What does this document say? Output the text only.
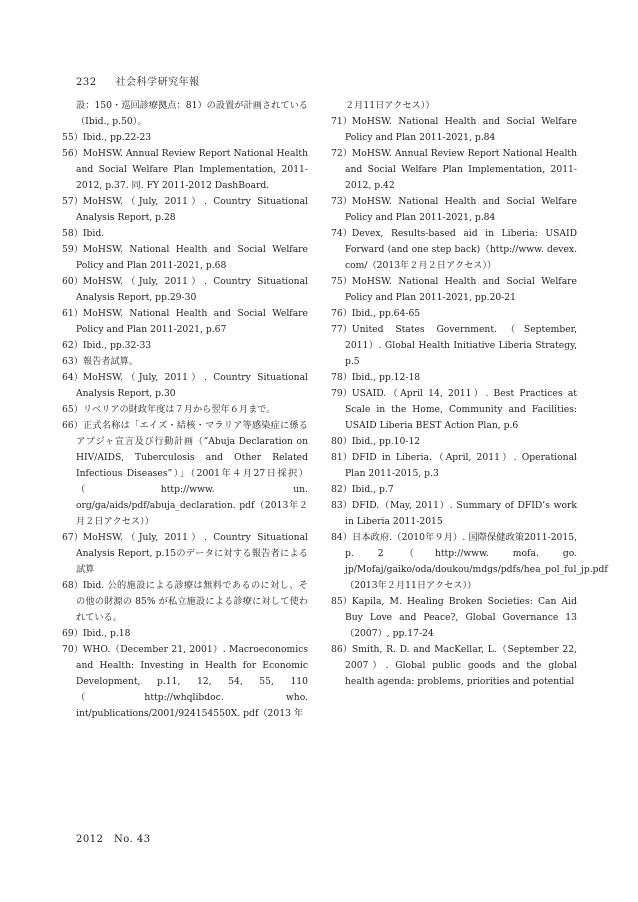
232 社会科学研究年報

設：150・巡回診療拠点：81）の設置が計画されている（Ibid., p.50）。

55）Ibid., pp.22-23

56）MoHSW. Annual Review Report National Health and Social Welfare Plan Implementation, 2011-2012, p.37. 同. FY 2011-2012 DashBoard.

57）MoHSW.（July, 2011）. Country Situational Analysis Report, p.28

58）Ibid.

59）MoHSW. National Health and Social Welfare Policy and Plan 2011-2021, p.68

60）MoHSW.（July, 2011）. Country Situational Analysis Report, pp.29-30

61）MoHSW. National Health and Social Welfare Policy and Plan 2011-2021, p.67

62）Ibid., pp.32-33

63）報告者試算。

64）MoHSW.（July, 2011）. Country Situational Analysis Report, p.30

65）リベリアの財政年度は７月から翌年６月まで。

66）正式名称は「エイズ・結核・マラリア等感染症に係るアブジャ宣言及び行動計画（”Abuja Declaration on HIV/AIDS, Tuberculosis and Other Related Infectious Diseases”）」（2001年４月27日採択）（http://www. un. org/ga/aids/pdf/abuja_declaration. pdf（2013年２月２日アクセス））

67）MoHSW.（July, 2011）. Country Situational Analysis Report, p.15のデータに対する報告者による試算

68）Ibid. 公的施設による診療は無料であるのに対し、その他の財源の 85% が私立施設による診療に対して使われている。

69）Ibid., p.18

70）WHO.（December 21, 2001）. Macroeconomics and Health: Investing in Health for Economic Development, p.11, 12, 54, 55, 110（http://whqlibdoc. who. int/publications/2001/924154550X. pdf（2013 年

２月11日アクセス））

71）MoHSW. National Health and Social Welfare Policy and Plan 2011-2021, p.84

72）MoHSW. Annual Review Report National Health and Social Welfare Plan Implementation, 2011-2012, p.42

73）MoHSW. National Health and Social Welfare Policy and Plan 2011-2021, p.84

74）Devex, Results-based aid in Liberia: USAID Forward (and one step back)（http://www. devex. com/（2013年２月２日アクセス））

75）MoHSW. National Health and Social Welfare Policy and Plan 2011-2021, pp.20-21

76）Ibid., pp.64-65

77）United States Government.（September, 2011）. Global Health Initiative Liberia Strategy, p.5

78）Ibid., pp.12-18

79）USAID.（April 14, 2011）. Best Practices at Scale in the Home, Community and Facilities: USAID Liberia BEST Action Plan, p.6

80）Ibid., pp.10-12

81）DFID in Liberia.（April, 2011）. Operational Plan 2011-2015, p.3

82）Ibid., p.7

83）DFID.（May, 2011）. Summary of DFID’s work in Liberia 2011-2015

84）日本政府.（2010年９月）. 国際保健政策2011-2015, p. 2（http://www. mofa. go. jp/Mofaj/gaiko/oda/doukou/mdgs/pdfs/hea_pol_ful_jp.pdf（2013年２月11日アクセス））

85）Kapila, M. Healing Broken Societies: Can Aid Buy Love and Peace?, Global Governance 13（2007）, pp.17-24

86）Smith, R. D. and MacKellar, L.（September 22, 2007）. Global public goods and the global health agenda: problems, priorities and potential

2012　No. 43
